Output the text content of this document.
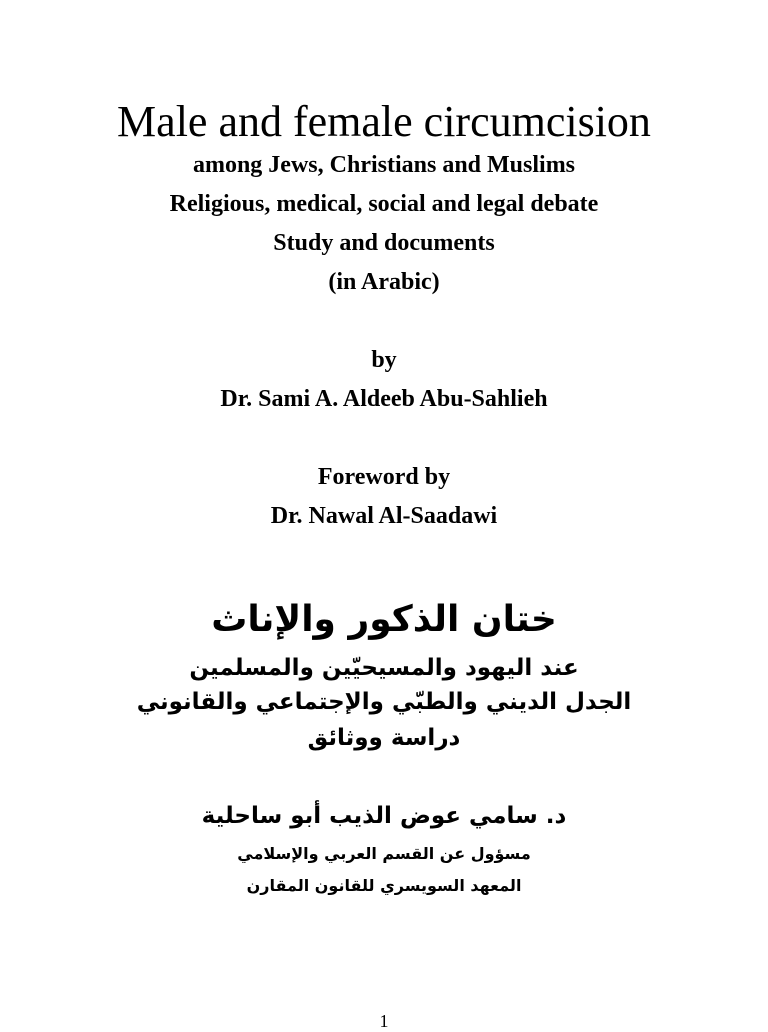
Male and female circumcision
among Jews, Christians and Muslims
Religious, medical, social and legal debate
Study and documents
(in Arabic)
by
Dr. Sami A. Aldeeb Abu-Sahlieh
Foreword by
Dr. Nawal Al-Saadawi
ختان الذكور والإناث
عند اليهود والمسيحيّين والمسلمين
الجدل الديني والطبّي والإجتماعي والقانوني
دراسة ووثائق
د. سامي عوض الذيب أبو ساحلية
مسؤول عن القسم العربي والإسلامي
المعهد السويسري للقانون المقارن
1
